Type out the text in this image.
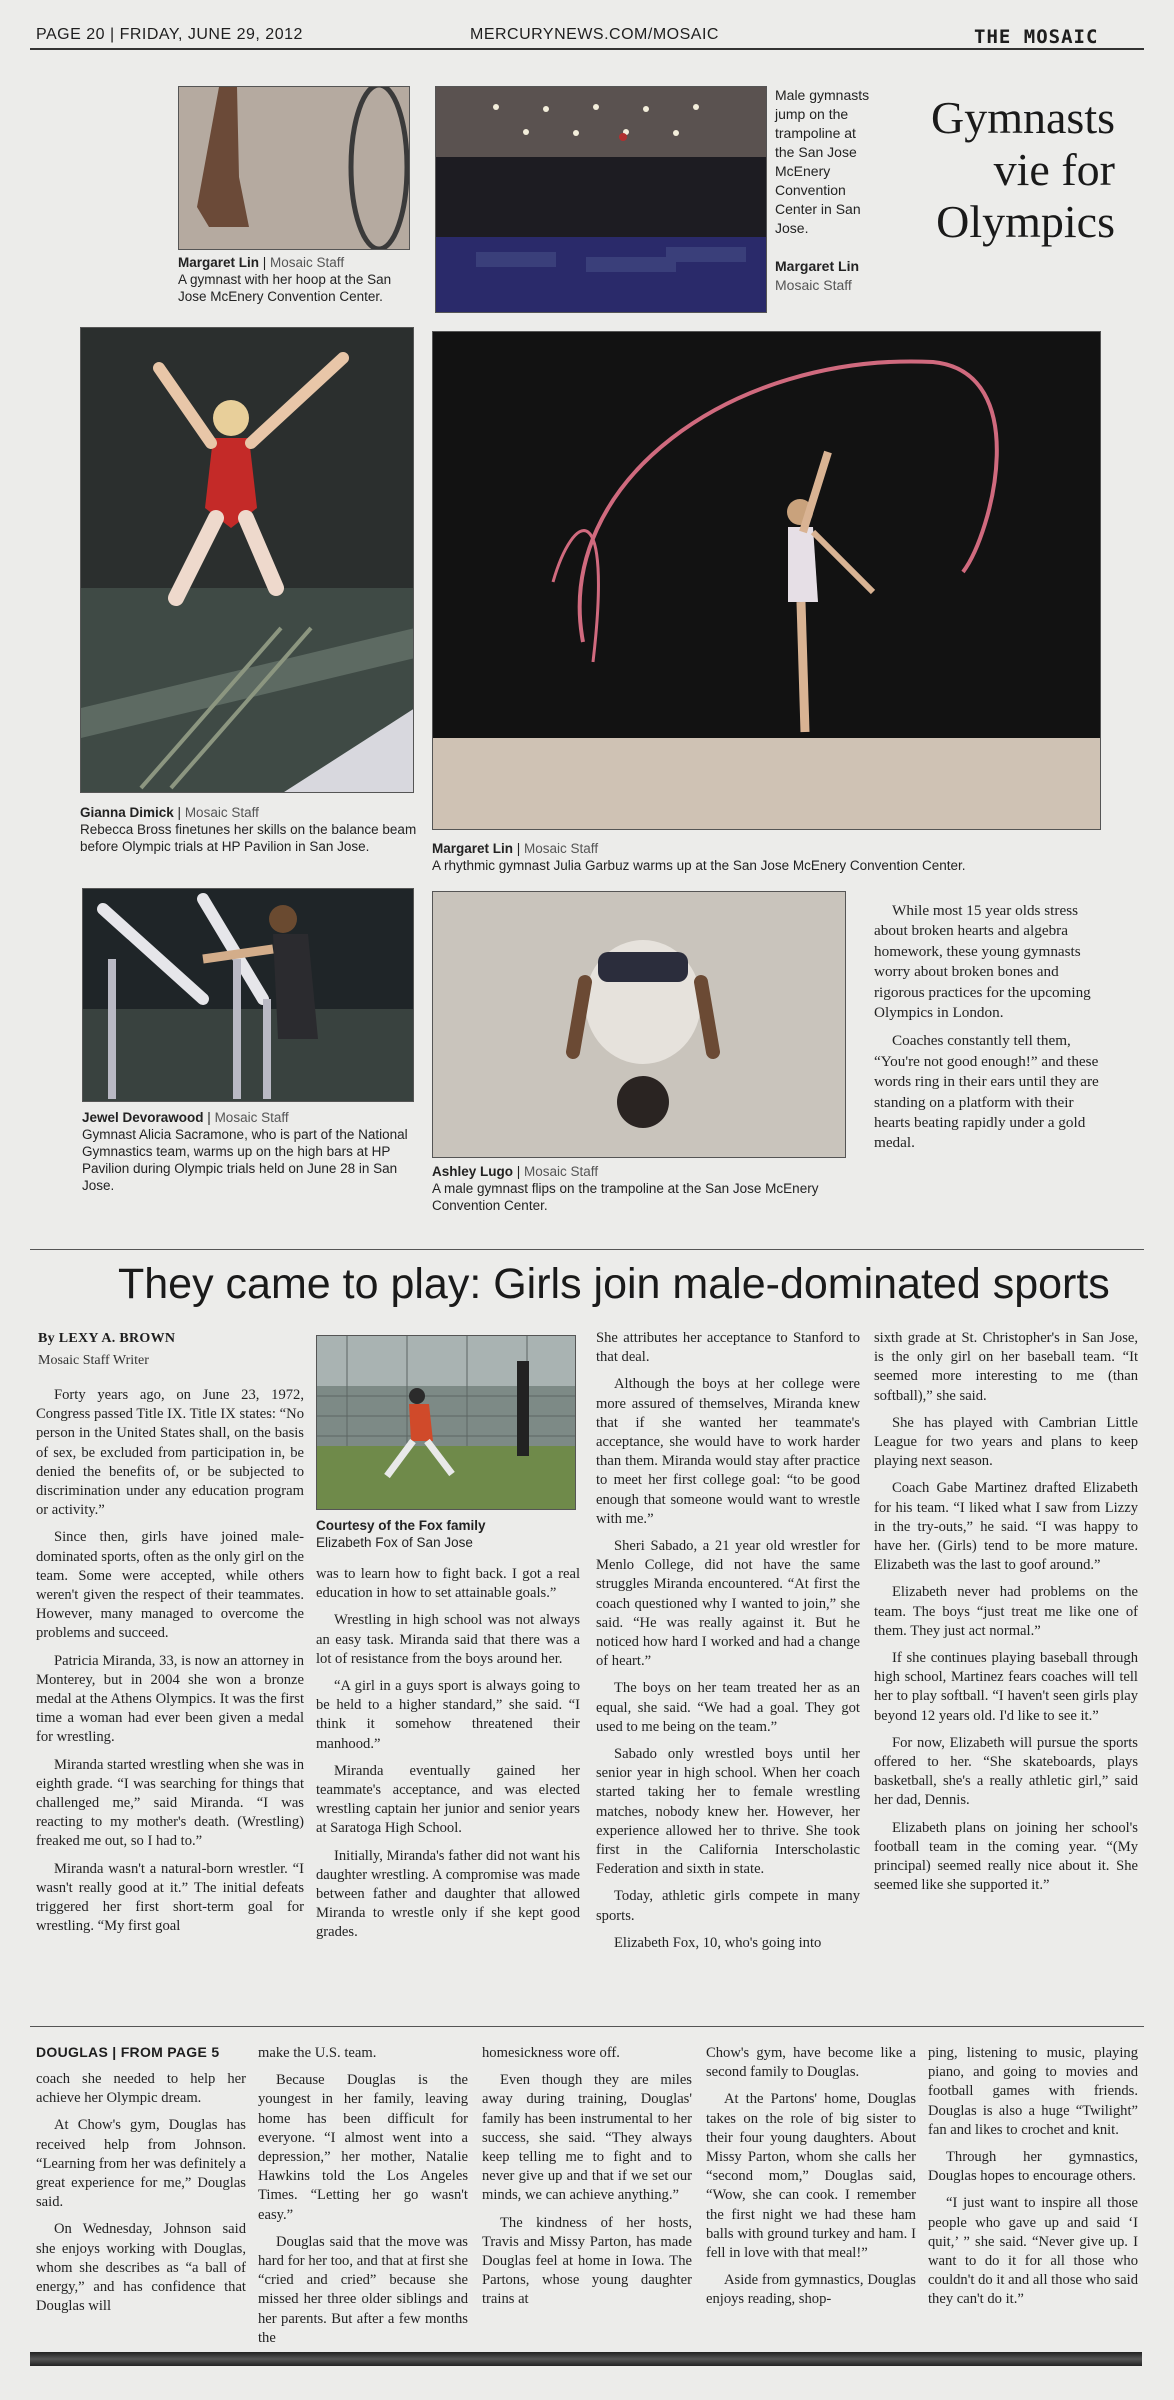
PAGE 20 | FRIDAY, JUNE 29, 2012	MERCURYNEWS.COM/MOSAIC	THE MOSAIC
Gymnasts vie for Olympics
Margaret Lin | Mosaic Staff
A gymnast with her hoop at the San Jose McEnery Convention Center.
Male gymnasts jump on the trampoline at the San Jose McEnery Convention Center in San Jose.

Margaret Lin
Mosaic Staff
Gianna Dimick | Mosaic Staff
Rebecca Bross finetunes her skills on the balance beam before Olympic trials at HP Pavilion in San Jose.	Margaret Lin | Mosaic Staff
A rhythmic gymnast Julia Garbuz warms up at the San Jose McEnery Convention Center.
Jewel Devorawood | Mosaic Staff
Gymnast Alicia Sacramone, who is part of the National Gymnastics team, warms up on the high bars at HP Pavilion during Olympic trials held on June 28 in San Jose.
Ashley Lugo | Mosaic Staff
A male gymnast flips on the trampoline at the San Jose McEnery Convention Center.

While most 15 year olds stress about broken hearts and algebra homework, these young gymnasts worry about broken bones and rigorous practices for the upcoming Olympics in London.

Coaches constantly tell them, “You're not good enough!” and these words ring in their ears until they are standing on a platform with their hearts beating rapidly under a gold medal.

They came to play: Girls join male-dominated sports
By LEXY A. BROWN
Mosaic Staff Writer

Forty years ago, on June 23, 1972, Congress passed Title IX. Title IX states: “No person in the United States shall, on the basis of sex, be excluded from participation in, be denied the benefits of, or be subjected to discrimination under any education program or activity.”

Since then, girls have joined male-dominated sports, often as the only girl on the team. Some were accepted, while others weren't given the respect of their teammates. However, many managed to overcome the problems and succeed.

Patricia Miranda, 33, is now an attorney in Monterey, but in 2004 she won a bronze medal at the Athens Olympics. It was the first time a woman had ever been given a medal for wrestling.

Miranda started wrestling when she was in eighth grade. “I was searching for things that challenged me,” said Miranda. “I was reacting to my mother's death. (Wrestling) freaked me out, so I had to.”

Miranda wasn't a natural-born wrestler. “I wasn't really good at it.” The initial defeats triggered her first short-term goal for wrestling. “My first goal

Courtesy of the Fox family
Elizabeth Fox of San Jose

was to learn how to fight back. I got a real education in how to set attainable goals.”

Wrestling in high school was not always an easy task. Miranda said that there was a lot of resistance from the boys around her.

“A girl in a guys sport is always going to be held to a higher standard,” she said. “I think it somehow threatened their manhood.”

Miranda eventually gained her teammate's acceptance, and was elected wrestling captain her junior and senior years at Saratoga High School.

Initially, Miranda's father did not want his daughter wrestling. A compromise was made between father and daughter that allowed Miranda to wrestle only if she kept good grades.

She attributes her acceptance to Stanford to that deal.

Although the boys at her college were more assured of themselves, Miranda knew that if she wanted her teammate's acceptance, she would have to work harder than them. Miranda would stay after practice to meet her first college goal: “to be good enough that someone would want to wrestle with me.”

Sheri Sabado, a 21 year old wrestler for Menlo College, did not have the same struggles Miranda encountered. “At first the coach questioned why I wanted to join,” she said. “He was really against it. But he noticed how hard I worked and had a change of heart.”

The boys on her team treated her as an equal, she said. “We had a goal. They got used to me being on the team.”

Sabado only wrestled boys until her senior year in high school. When her coach started taking her to female wrestling matches, nobody knew her. However, her experience allowed her to thrive. She took first in the California Interscholastic Federation and sixth in state.

Today, athletic girls compete in many sports.

Elizabeth Fox, 10, who's going into

sixth grade at St. Christopher's in San Jose, is the only girl on her baseball team. “It seemed more interesting to me (than softball),” she said.

She has played with Cambrian Little League for two years and plans to keep playing next season.

Coach Gabe Martinez drafted Elizabeth for his team. “I liked what I saw from Lizzy in the try-outs,” he said. “I was happy to have her. (Girls) tend to be more mature. Elizabeth was the last to goof around.”

Elizabeth never had problems on the team. The boys “just treat me like one of them. They just act normal.”

If she continues playing baseball through high school, Martinez fears coaches will tell her to play softball. “I haven't seen girls play beyond 12 years old. I'd like to see it.”

For now, Elizabeth will pursue the sports offered to her. “She skateboards, plays basketball, she's a really athletic girl,” said her dad, Dennis.

Elizabeth plans on joining her school's football team in the coming year. “(My principal) seemed really nice about it. She seemed like she supported it.”

DOUGLAS | FROM PAGE 5

coach she needed to help her achieve her Olympic dream.

At Chow's gym, Douglas has received help from Johnson. “Learning from her was definitely a great experience for me,” Douglas said.

On Wednesday, Johnson said she enjoys working with Douglas, whom she describes as “a ball of energy,” and has confidence that Douglas will

make the U.S. team.

Because Douglas is the youngest in her family, leaving home has been difficult for everyone. “I almost went into a depression,” her mother, Natalie Hawkins told the Los Angeles Times. “Letting her go wasn't easy.”

Douglas said that the move was hard for her too, and that at first she “cried and cried” because she missed her three older siblings and her parents. But after a few months the

homesickness wore off.

Even though they are miles away during training, Douglas' family has been instrumental to her success, she said. “They always keep telling me to fight and to never give up and that if we set our minds, we can achieve anything.”

The kindness of her hosts, Travis and Missy Parton, has made Douglas feel at home in Iowa. The Partons, whose young daughter trains at

Chow's gym, have become like a second family to Douglas.

At the Partons' home, Douglas takes on the role of big sister to their four young daughters. About Missy Parton, whom she calls her “second mom,” Douglas said, “Wow, she can cook. I remember the first night we had these ham balls with ground turkey and ham. I fell in love with that meal!”

Aside from gymnastics, Douglas enjoys reading, shop-

ping, listening to music, playing piano, and going to movies and football games with friends. Douglas is also a huge “Twilight” fan and likes to crochet and knit.

Through her gymnastics, Douglas hopes to encourage others.

“I just want to inspire all those people who gave up and said ‘I quit,’ ” she said. “Never give up. I want to do it for all those who couldn't do it and all those who said they can't do it.”
